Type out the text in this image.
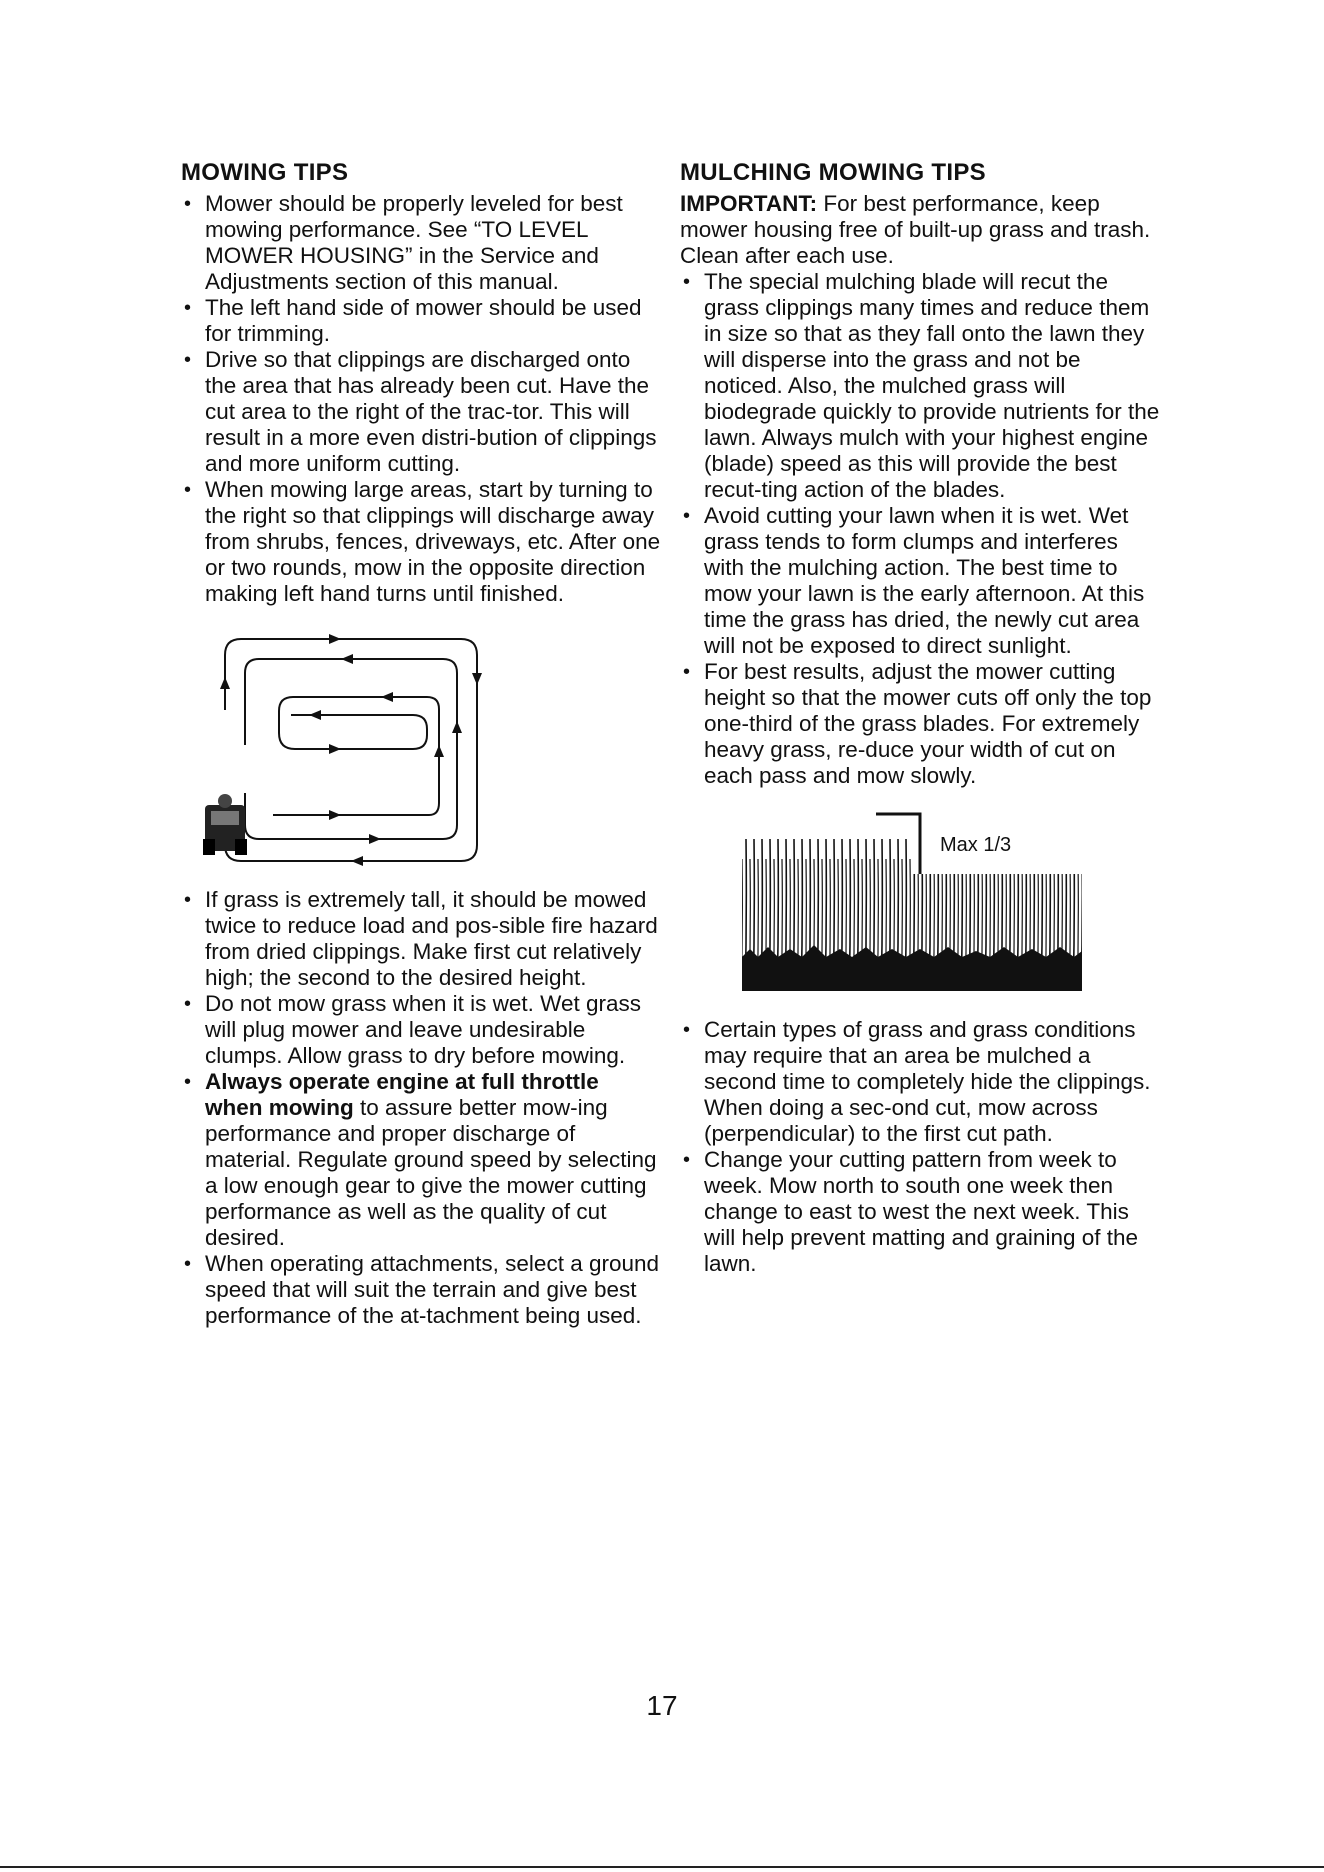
MOWING TIPS
• Mower should be properly leveled for best mowing performance. See “TO LEVEL MOWER HOUSING” in the Service and Adjustments section of this manual.
• The left hand side of mower should be used for trimming.
• Drive so that clippings are discharged onto the area that has already been cut. Have the cut area to the right of the trac-tor. This will result in a more even distri-bution of clippings and more uniform cutting.
• When mowing large areas, start by turning to the right so that clippings will discharge away from shrubs, fences, driveways, etc. After one or two rounds, mow in the opposite direction making left hand turns until finished.
• If grass is extremely tall, it should be mowed twice to reduce load and pos-sible fire hazard from dried clippings. Make first cut relatively high; the second to the desired height.
• Do not mow grass when it is wet. Wet grass will plug mower and leave undesirable clumps. Allow grass to dry before mowing.
• Always operate engine at full throttle when mowing to assure better mow-ing performance and proper discharge of material. Regulate ground speed by selecting a low enough gear to give the mower cutting performance as well as the quality of cut desired.
• When operating attachments, select a ground speed that will suit the terrain and give best performance of the at-tachment being used.
MULCHING MOWING TIPS

IMPORTANT: For best performance, keep mower housing free of built-up grass and trash. Clean after each use.

• The special mulching blade will recut the grass clippings many times and reduce them in size so that as they fall onto the lawn they will disperse into the grass and not be noticed. Also, the mulched grass will biodegrade quickly to provide nutrients for the lawn. Always mulch with your highest engine (blade) speed as this will provide the best recut-ting action of the blades.
• Avoid cutting your lawn when it is wet. Wet grass tends to form clumps and interferes with the mulching action. The best time to mow your lawn is the early afternoon. At this time the grass has dried, the newly cut area will not be exposed to direct sunlight.
• For best results, adjust the mower cutting height so that the mower cuts off only the top one-third of the grass blades. For extremely heavy grass, re-duce your width of cut on each pass and mow slowly.
Max 1/3
• Certain types of grass and grass conditions may require that an area be mulched a second time to completely hide the clippings. When doing a sec-ond cut, mow across (perpendicular) to the first cut path.
• Change your cutting pattern from week to week. Mow north to south one week then change to east to west the next week. This will help prevent matting and graining of the lawn.
17
